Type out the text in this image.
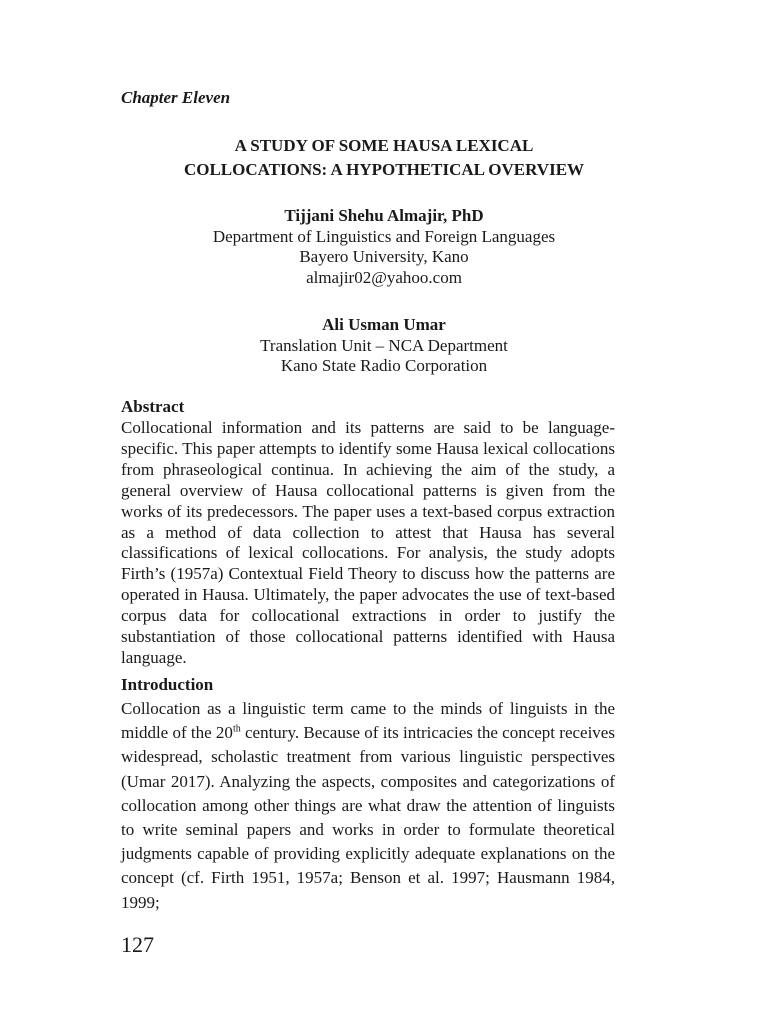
Chapter Eleven
A STUDY OF SOME HAUSA LEXICAL
COLLOCATIONS: A HYPOTHETICAL OVERVIEW
Tijjani Shehu Almajir, PhD
Department of Linguistics and Foreign Languages
Bayero University, Kano
almajir02@yahoo.com
Ali Usman Umar
Translation Unit – NCA Department
Kano State Radio Corporation
Abstract
Collocational information and its patterns are said to be language-specific. This paper attempts to identify some Hausa lexical collocations from phraseological continua. In achieving the aim of the study, a general overview of Hausa collocational patterns is given from the works of its predecessors. The paper uses a text-based corpus extraction as a method of data collection to attest that Hausa has several classifications of lexical collocations. For analysis, the study adopts Firth’s (1957a) Contextual Field Theory to discuss how the patterns are operated in Hausa. Ultimately, the paper advocates the use of text-based corpus data for collocational extractions in order to justify the substantiation of those collocational patterns identified with Hausa language.
Introduction
Collocation as a linguistic term came to the minds of linguists in the middle of the 20th century. Because of its intricacies the concept receives widespread, scholastic treatment from various linguistic perspectives (Umar 2017). Analyzing the aspects, composites and categorizations of collocation among other things are what draw the attention of linguists to write seminal papers and works in order to formulate theoretical judgments capable of providing explicitly adequate explanations on the concept (cf. Firth 1951, 1957a; Benson et al. 1997; Hausmann 1984, 1999;
127
